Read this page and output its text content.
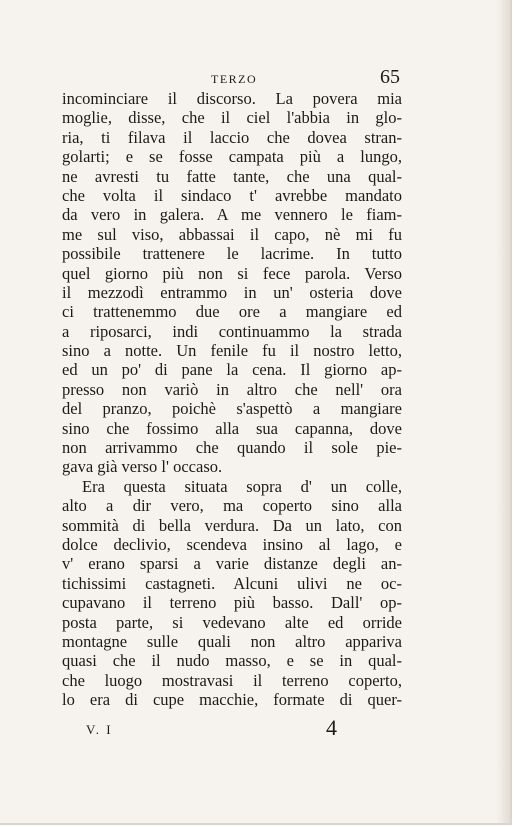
TERZO	65
incominciare il discorso. La povera mia
moglie, disse, che il ciel l'abbia in glo-
ria, ti filava il laccio che dovea stran-
golarti; e se fosse campata più a lungo,
ne avresti tu fatte tante, che una qual-
che volta il sindaco t' avrebbe mandato
da vero in galera. A me vennero le fiam-
me sul viso, abbassai il capo, nè mi fu
possibile trattenere le lacrime. In tutto
quel giorno più non si fece parola. Verso
il mezzodì entrammo in un' osteria dove
ci trattenemmo due ore a mangiare ed
a riposarci, indi continuammo la strada
sino a notte. Un fenile fu il nostro letto,
ed un po' di pane la cena. Il giorno ap-
presso non variò in altro che nell' ora
del pranzo, poichè s'aspettò a mangiare
sino che fossimo alla sua capanna, dove
non arrivammo che quando il sole pie-
gava già verso l' occaso.
Era questa situata sopra d' un colle,
alto a dir vero, ma coperto sino alla
sommità di bella verdura. Da un lato, con
dolce declivio, scendeva insino al lago, e
v' erano sparsi a varie distanze degli an-
tichissimi castagneti. Alcuni ulivi ne oc-
cupavano il terreno più basso. Dall' op-
posta parte, si vedevano alte ed orride
montagne sulle quali non altro appariva
quasi che il nudo masso, e se in qual-
che luogo mostravasi il terreno coperto,
lo era di cupe macchie, formate di quer-
V. I	4
